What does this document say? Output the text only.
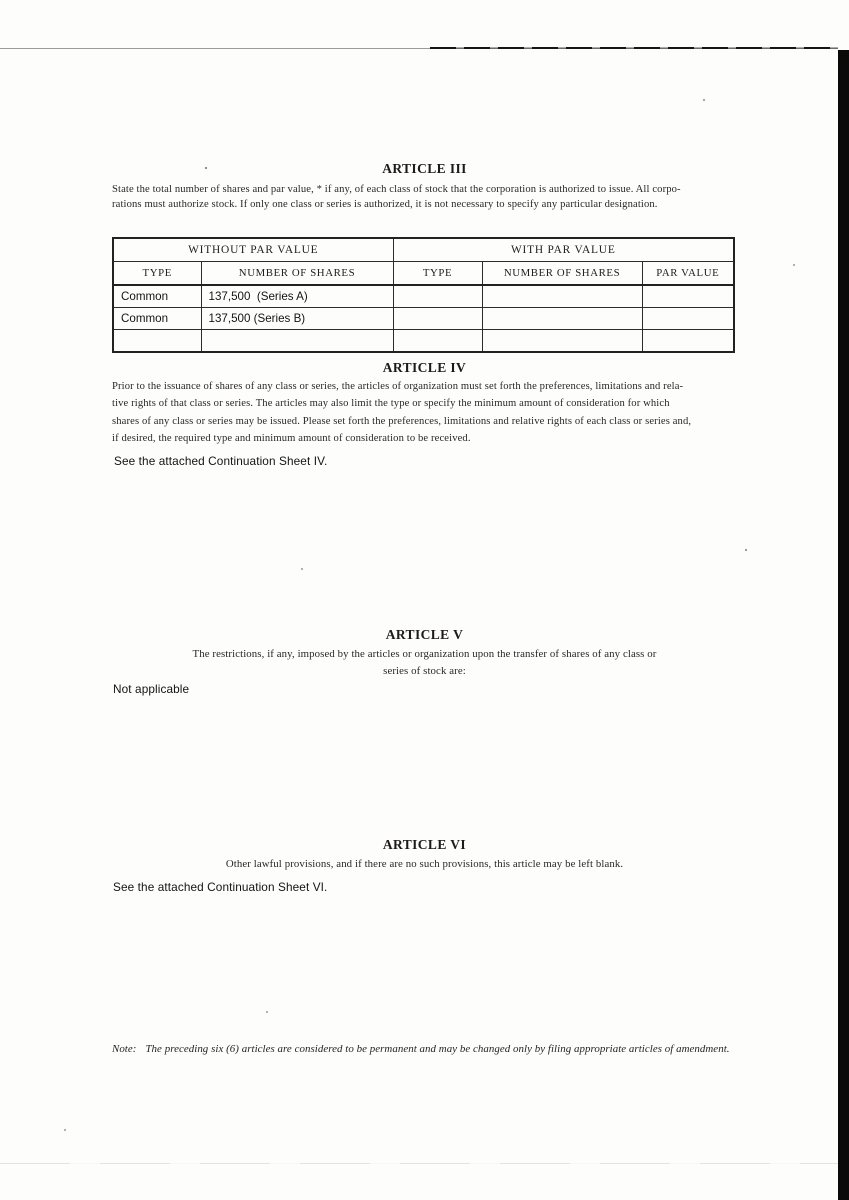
ARTICLE III
State the total number of shares and par value, * if any, of each class of stock that the corporation is authorized to issue. All corpo-
rations must authorize stock. If only one class or series is authorized, it is not necessary to specify any particular designation.
WITHOUT PAR VALUE		WITH PAR VALUE		
TYPE	NUMBER OF SHARES	TYPE	NUMBER OF SHARES	PAR VALUE
Common	137,500  (Series A)			
Common	137,500 (Series B)			

ARTICLE IV
Prior to the issuance of shares of any class or series, the articles of organization must set forth the preferences, limitations and rela-
tive rights of that class or series. The articles may also limit the type or specify the minimum amount of consideration for which
shares of any class or series may be issued. Please set forth the preferences, limitations and relative rights of each class or series and,
if desired, the required type and minimum amount of consideration to be received.
See the attached Continuation Sheet IV.
ARTICLE V
The restrictions, if any, imposed by the articles or organization upon the transfer of shares of any class or
series of stock are:
Not applicable
ARTICLE VI
Other lawful provisions, and if there are no such provisions, this article may be left blank.
See the attached Continuation Sheet VI.
Note: The preceding six (6) articles are considered to be permanent and may be changed only by filing appropriate articles of amendment.
